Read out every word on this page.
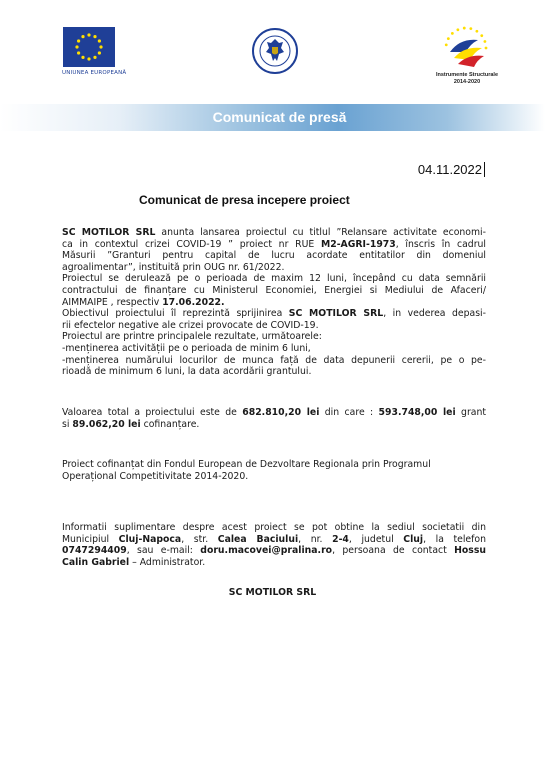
UNIUNEA EUROPEANĂ	Instrumente Structurale
2014-2020
Comunicat de presă
04.11.2022
Comunicat de presa incepere proiect
SC MOTILOR SRL anunta lansarea proiectul cu titlul ”Relansare activitate economi-
ca in contextul crizei COVID-19 ” proiect nr RUE M2-AGRI-1973, înscris în cadrul
Măsurii ”Granturi pentru capital de lucru acordate entitatilor din domeniul
agroalimentar”, instituită prin OUG nr. 61/2022.
Proiectul se derulează pe o perioada de maxim 12 luni, începând cu data semnării
contractului de finanțare cu Ministerul Economiei, Energiei si Mediului de Afaceri/
AIMMAIPE , respectiv 17.06.2022.
Obiectivul proiectului îl reprezintă sprijinirea SC MOTILOR SRL, in vederea depasi-
rii efectelor negative ale crizei provocate de COVID-19.
Proiectul are printre principalele rezultate, următoarele:
-menținerea activității pe o perioada de minim 6 luni,
-menținerea numărului locurilor de munca față de data depunerii cererii, pe o pe-
rioadă de minimum 6 luni, la data acordării grantului.
Valoarea total a proiectului este de 682.810,20 lei din care : 593.748,00 lei grant
si 89.062,20 lei cofinanțare.
Proiect cofinanțat din Fondul European de Dezvoltare Regionala prin Programul
Operațional Competitivitate 2014-2020.
Informatii suplimentare despre acest proiect se pot obtine la sediul societatii din
Municipiul Cluj-Napoca, str. Calea Baciului, nr. 2-4, judetul Cluj, la telefon
0747294409, sau e-mail: doru.macovei@pralina.ro, persoana de contact Hossu
Calin Gabriel – Administrator.
SC MOTILOR SRL
